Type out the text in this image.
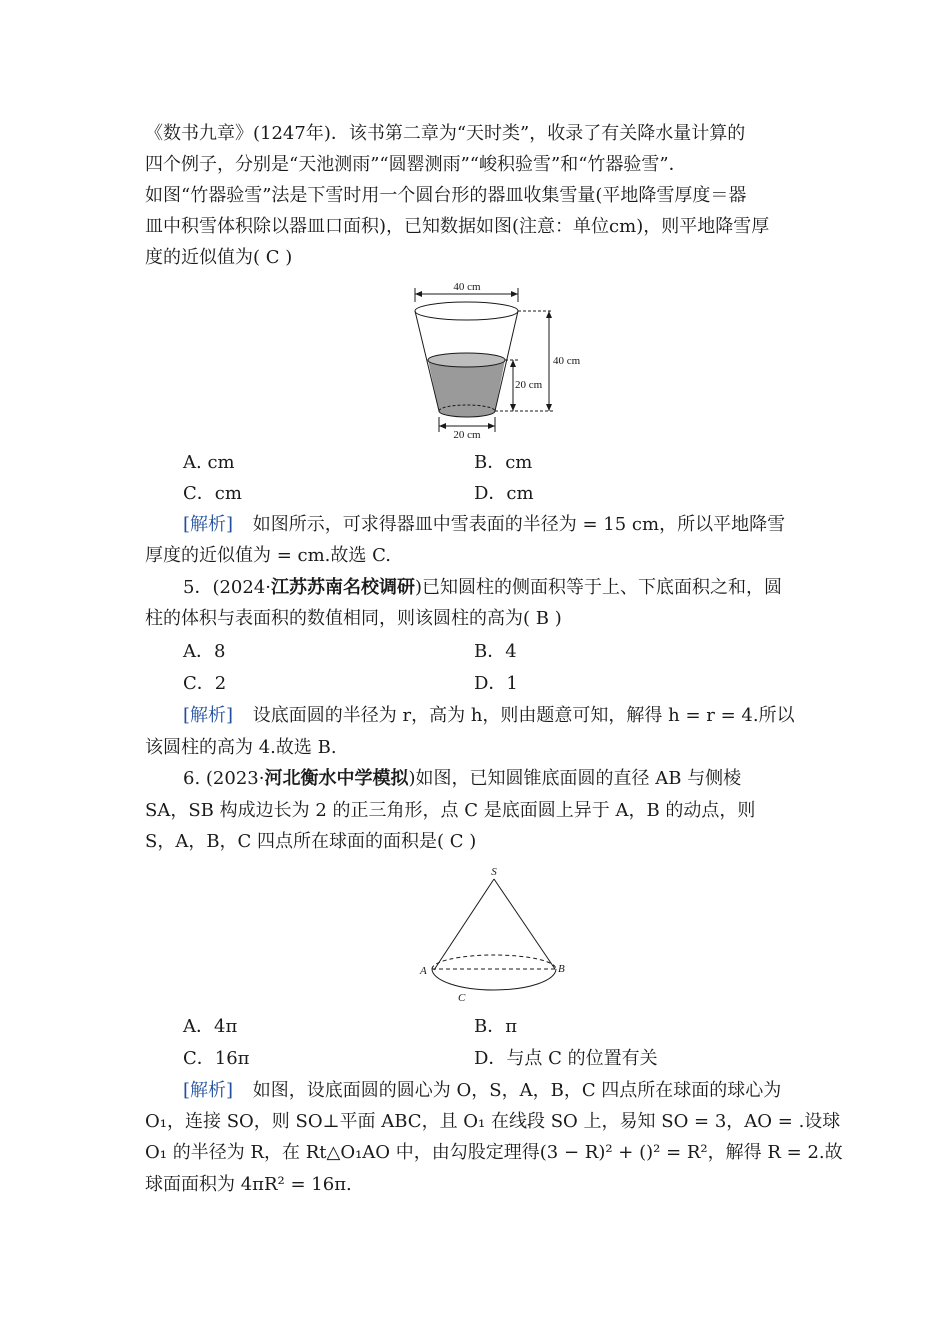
《数书九章》(1247年)．该书第二章为“天时类”，收录了有关降水量计算的
四个例子，分别是“天池测雨”“圆罂测雨”“峻积验雪”和“竹器验雪”．
如图“竹器验雪”法是下雪时用一个圆台形的器皿收集雪量(平地降雪厚度＝器
皿中积雪体积除以器皿口面积)，已知数据如图(注意：单位cm)，则平地降雪厚
度的近似值为( C )
40 cm
40 cm
20 cm
20 cm
A. cm	B．cm
C．cm	D．cm
[解析] 如图所示，可求得器皿中雪表面的半径为 = 15 cm，所以平地降雪
厚度的近似值为 = cm.故选 C.
5．(2024·江苏苏南名校调研)已知圆柱的侧面积等于上、下底面积之和，圆
柱的体积与表面积的数值相同，则该圆柱的高为( B )
A．8	B．4
C．2	D．1
[解析] 设底面圆的半径为 r，高为 h，则由题意可知，解得 h = r = 4.所以
该圆柱的高为 4.故选 B.
6. (2023·河北衡水中学模拟)如图，已知圆锥底面圆的直径 AB 与侧棱
SA，SB 构成边长为 2 的正三角形，点 C 是底面圆上异于 A，B 的动点，则
S，A，B，C 四点所在球面的面积是( C )
S
A	B
C
A．4π	B．π
C．16π	D．与点 C 的位置有关
[解析] 如图，设底面圆的圆心为 O，S，A，B，C 四点所在球面的球心为
O₁，连接 SO，则 SO⊥平面 ABC，且 O₁ 在线段 SO 上，易知 SO = 3，AO = .设球
O₁ 的半径为 R，在 Rt△O₁AO 中，由勾股定理得(3 − R)² + ()² = R²，解得 R = 2.故
球面面积为 4πR² = 16π.
